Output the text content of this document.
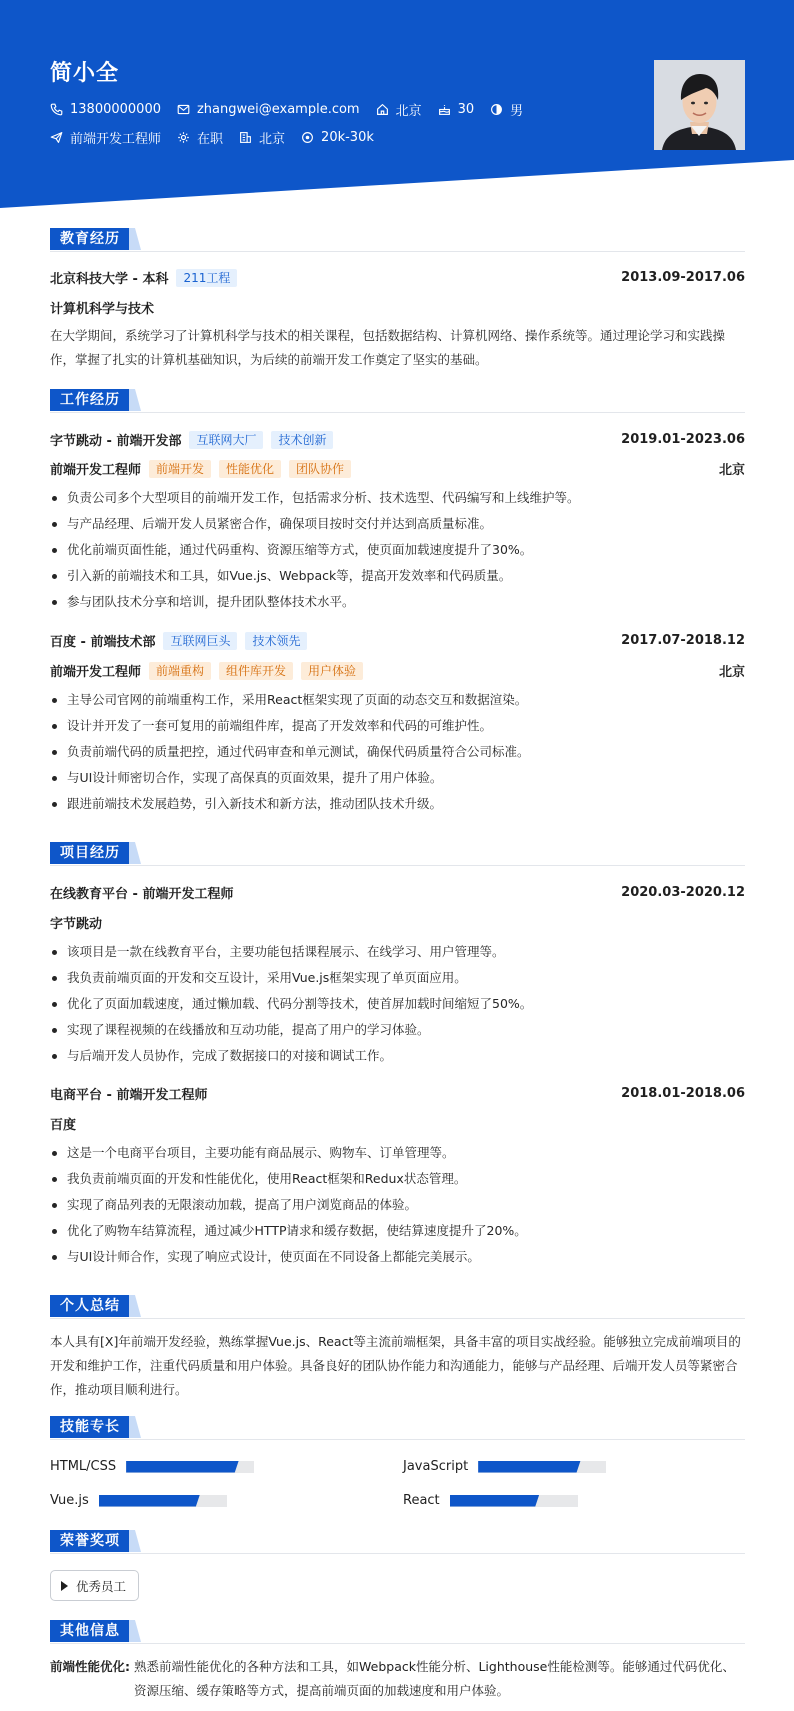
简小全
13800000000	zhangwei@example.com	北京	30	男
前端开发工程师	在职	北京	20k-30k
教育经历
北京科技大学 - 本科	211工程	2013.09-2017.06
计算机科学与技术
在大学期间，系统学习了计算机科学与技术的相关课程，包括数据结构、计算机网络、操作系统等。通过理论学习和实践操作，掌握了扎实的计算机基础知识，为后续的前端开发工作奠定了坚实的基础。
工作经历
字节跳动 - 前端开发部	互联网大厂	技术创新	2019.01-2023.06
前端开发工程师	前端开发	性能优化	团队协作	北京
负责公司多个大型项目的前端开发工作，包括需求分析、技术选型、代码编写和上线维护等。
与产品经理、后端开发人员紧密合作，确保项目按时交付并达到高质量标准。
优化前端页面性能，通过代码重构、资源压缩等方式，使页面加载速度提升了30%。
引入新的前端技术和工具，如Vue.js、Webpack等，提高开发效率和代码质量。
参与团队技术分享和培训，提升团队整体技术水平。
百度 - 前端技术部	互联网巨头	技术领先	2017.07-2018.12
前端开发工程师	前端重构	组件库开发	用户体验	北京
主导公司官网的前端重构工作，采用React框架实现了页面的动态交互和数据渲染。
设计并开发了一套可复用的前端组件库，提高了开发效率和代码的可维护性。
负责前端代码的质量把控，通过代码审查和单元测试，确保代码质量符合公司标准。
与UI设计师密切合作，实现了高保真的页面效果，提升了用户体验。
跟进前端技术发展趋势，引入新技术和新方法，推动团队技术升级。
项目经历
在线教育平台 - 前端开发工程师	2020.03-2020.12
字节跳动
该项目是一款在线教育平台，主要功能包括课程展示、在线学习、用户管理等。
我负责前端页面的开发和交互设计，采用Vue.js框架实现了单页面应用。
优化了页面加载速度，通过懒加载、代码分割等技术，使首屏加载时间缩短了50%。
实现了课程视频的在线播放和互动功能，提高了用户的学习体验。
与后端开发人员协作，完成了数据接口的对接和调试工作。
电商平台 - 前端开发工程师	2018.01-2018.06
百度
这是一个电商平台项目，主要功能有商品展示、购物车、订单管理等。
我负责前端页面的开发和性能优化，使用React框架和Redux状态管理。
实现了商品列表的无限滚动加载，提高了用户浏览商品的体验。
优化了购物车结算流程，通过减少HTTP请求和缓存数据，使结算速度提升了20%。
与UI设计师合作，实现了响应式设计，使页面在不同设备上都能完美展示。
个人总结
本人具有[X]年前端开发经验，熟练掌握Vue.js、React等主流前端框架，具备丰富的项目实战经验。能够独立完成前端项目的开发和维护工作，注重代码质量和用户体验。具备良好的团队协作能力和沟通能力，能够与产品经理、后端开发人员等紧密合作，推动项目顺利进行。
技能专长
HTML/CSS	JavaScript
Vue.js	React
荣誉奖项
优秀员工
其他信息
前端性能优化: 熟悉前端性能优化的各种方法和工具，如Webpack性能分析、Lighthouse性能检测等。能够通过代码优化、资源压缩、缓存策略等方式，提高前端页面的加载速度和用户体验。
